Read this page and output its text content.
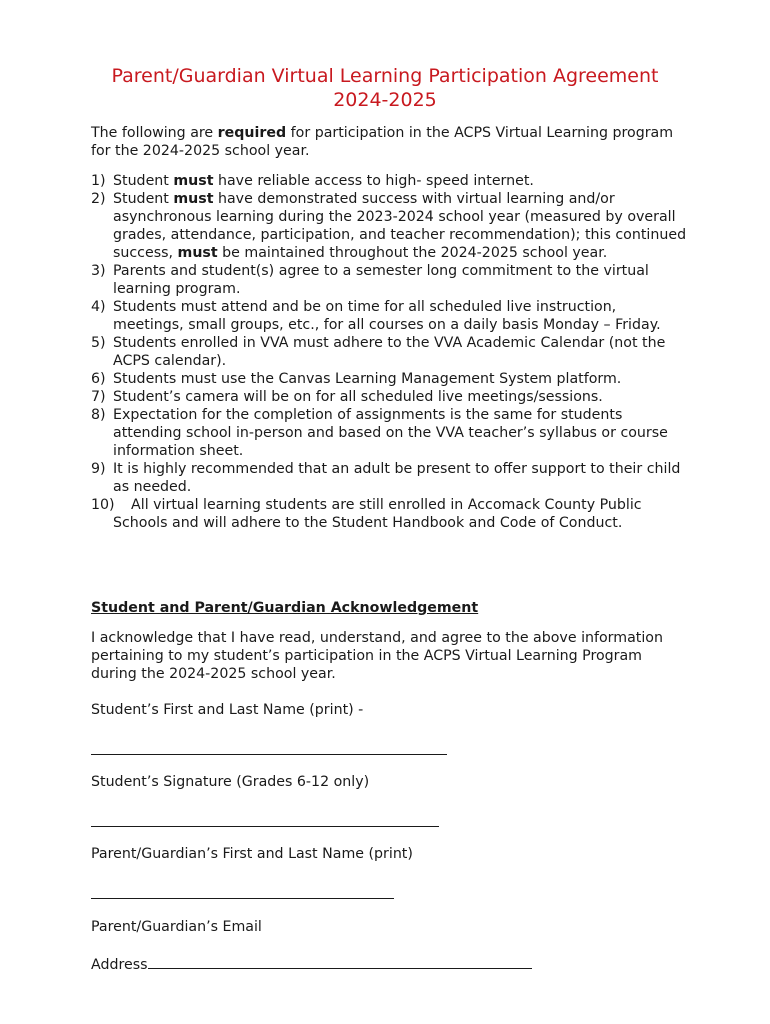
Parent/Guardian Virtual Learning Participation Agreement
2024-2025
The following are required for participation in the ACPS Virtual Learning program for the 2024-2025 school year.
1) Student must have reliable access to high- speed internet.
2) Student must have demonstrated success with virtual learning and/or asynchronous learning during the 2023-2024 school year (measured by overall grades, attendance, participation, and teacher recommendation); this continued success, must be maintained throughout the 2024-2025 school year.
3) Parents and student(s) agree to a semester long commitment to the virtual learning program.
4) Students must attend and be on time for all scheduled live instruction, meetings, small groups, etc., for all courses on a daily basis Monday – Friday.
5) Students enrolled in VVA must adhere to the VVA Academic Calendar (not the ACPS calendar).
6) Students must use the Canvas Learning Management System platform.
7) Student’s camera will be on for all scheduled live meetings/sessions.
8) Expectation for the completion of assignments is the same for students attending school in-person and based on the VVA teacher’s syllabus or course information sheet.
9) It is highly recommended that an adult be present to offer support to their child as needed.
10)
All virtual learning students are still enrolled in Accomack County Public Schools and will adhere to the Student Handbook and Code of Conduct.
Student and Parent/Guardian Acknowledgement
I acknowledge that I have read, understand, and agree to the above information pertaining to my student’s participation in the ACPS Virtual Learning Program during the 2024-2025 school year.
Student’s First and Last Name (print) -
Student’s Signature (Grades 6-12 only)
Parent/Guardian’s First and Last Name (print)
Parent/Guardian’s Email
Address
